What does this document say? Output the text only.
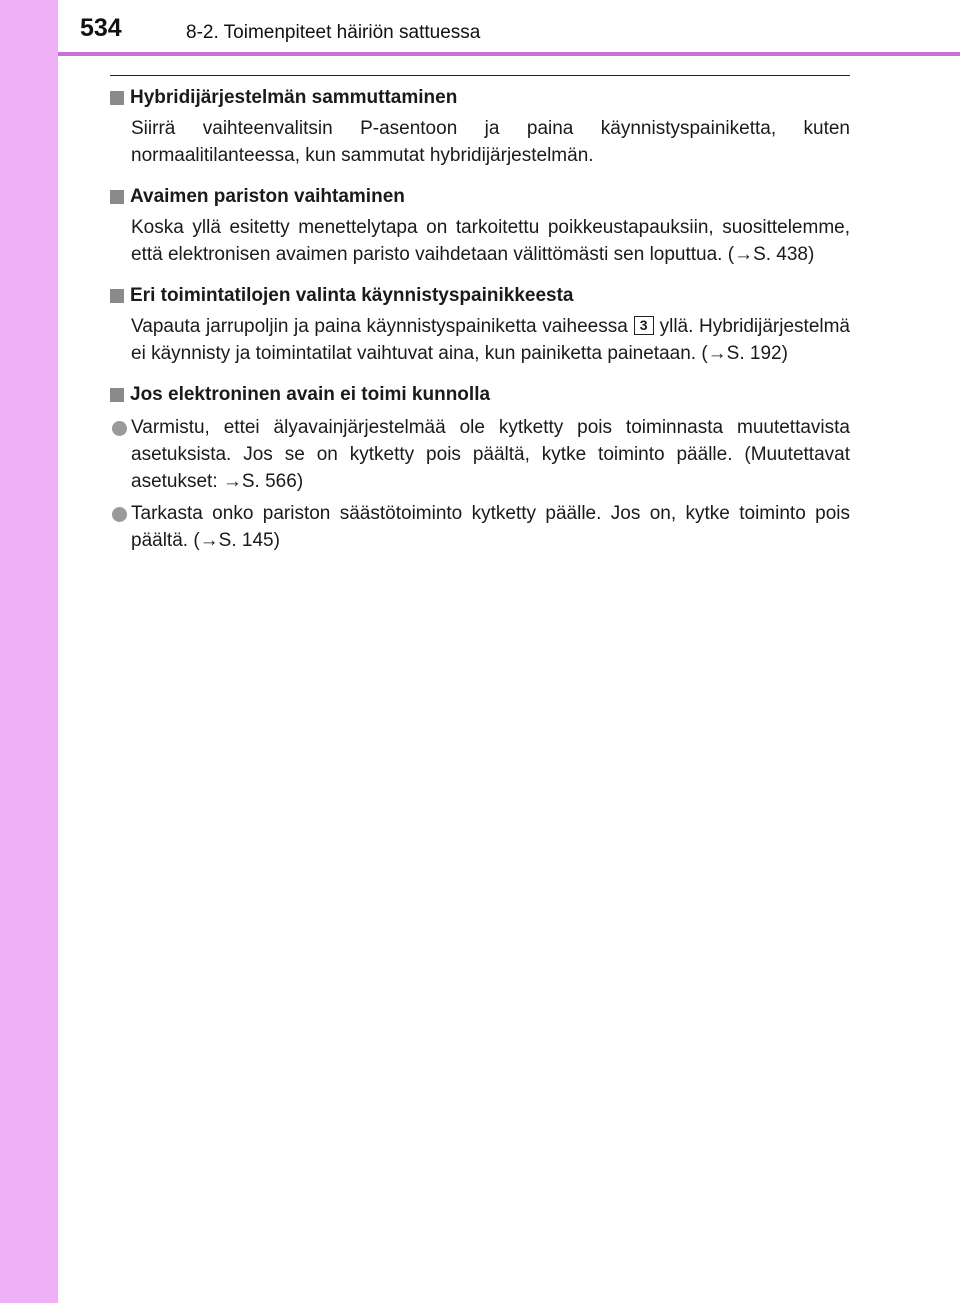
534	8-2. Toimenpiteet häiriön sattuessa
Hybridijärjestelmän sammuttaminen
Siirrä vaihteenvalitsin P-asentoon ja paina käynnistyspainiketta, kuten normaalitilanteessa, kun sammutat hybridijärjestelmän.
Avaimen pariston vaihtaminen
Koska yllä esitetty menettelytapa on tarkoitettu poikkeustapauksiin, suosittelemme, että elektronisen avaimen paristo vaihdetaan välittömästi sen loputtua. (→S. 438)
Eri toimintatilojen valinta käynnistyspainikkeesta
Vapauta jarrupoljin ja paina käynnistyspainiketta vaiheessa 3 yllä. Hybridijärjestelmä ei käynnisty ja toimintatilat vaihtuvat aina, kun painiketta painetaan. (→S. 192)
Jos elektroninen avain ei toimi kunnolla
Varmistu, ettei älyavainjärjestelmää ole kytketty pois toiminnasta muutettavista asetuksista. Jos se on kytketty pois päältä, kytke toiminto päälle. (Muutettavat asetukset: →S. 566)
Tarkasta onko pariston säästötoiminto kytketty päälle. Jos on, kytke toiminto pois päältä. (→S. 145)
